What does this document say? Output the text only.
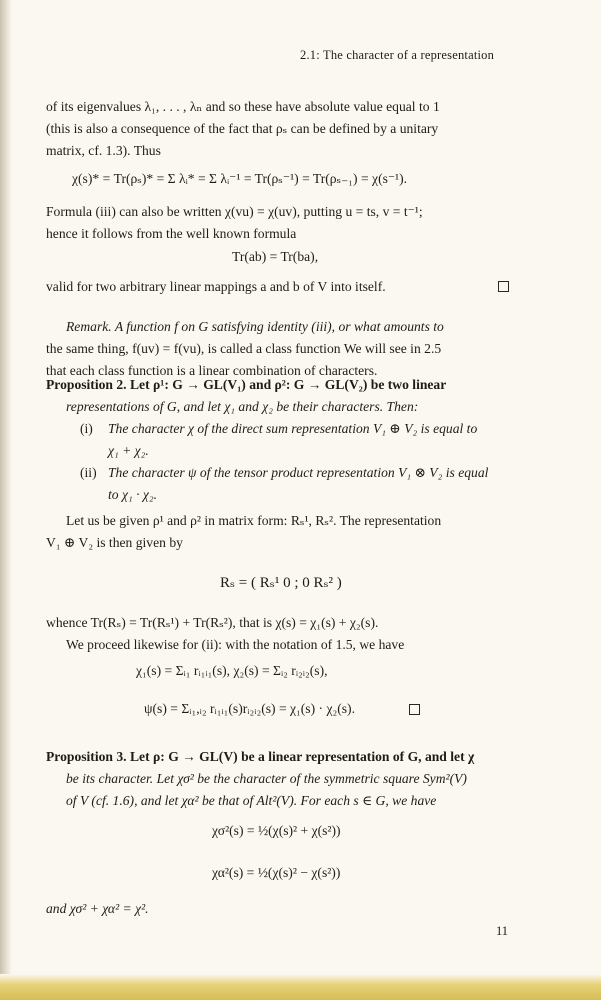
2.1: The character of a representation
of its eigenvalues λ₁, . . . , λₙ and so these have absolute value equal to 1
(this is also a consequence of the fact that ρₛ can be defined by a unitary
matrix, cf. 1.3). Thus
χ(s)* = Tr(ρₛ)* = Σ λᵢ* = Σ λᵢ⁻¹ = Tr(ρₛ⁻¹) = Tr(ρₛ₋₁) = χ(s⁻¹).
Formula (iii) can also be written χ(vu) = χ(uv), putting u = ts, v = t⁻¹;
hence it follows from the well known formula
Tr(ab) = Tr(ba),
valid for two arbitrary linear mappings a and b of V into itself.
Remark. A function f on G satisfying identity (iii), or what amounts to
the same thing, f(uv) = f(vu), is called a class function We will see in 2.5
that each class function is a linear combination of characters.
Proposition 2. Let ρ¹: G → GL(V₁) and ρ²: G → GL(V₂) be two linear
representations of G, and let χ₁ and χ₂ be their characters. Then:
(i)	The character χ of the direct sum representation V₁ ⊕ V₂ is equal to
χ₁ + χ₂.
(ii) The character ψ of the tensor product representation V₁ ⊗ V₂ is equal
to χ₁ · χ₂.
Let us be given ρ¹ and ρ² in matrix form: Rₛ¹, Rₛ². The representation
V₁ ⊕ V₂ is then given by
Rₛ = ( Rₛ¹ 0 ; 0 Rₛ² )
whence Tr(Rₛ) = Tr(Rₛ¹) + Tr(Rₛ²), that is χ(s) = χ₁(s) + χ₂(s).
We proceed likewise for (ii): with the notation of 1.5, we have
χ₁(s) = Σᵢ₁ rᵢ₁ᵢ₁(s), χ₂(s) = Σᵢ₂ rᵢ₂ᵢ₂(s),
ψ(s) = Σᵢ₁,ᵢ₂ rᵢ₁ᵢ₁(s)rᵢ₂ᵢ₂(s) = χ₁(s) · χ₂(s).
Proposition 3. Let ρ: G → GL(V) be a linear representation of G, and let χ
be its character. Let χσ² be the character of the symmetric square Sym²(V)
of V (cf. 1.6), and let χα² be that of Alt²(V). For each s ∈ G, we have
χσ²(s) = ½(χ(s)² + χ(s²))
χα²(s) = ½(χ(s)² − χ(s²))
and χσ² + χα² = χ².
11
